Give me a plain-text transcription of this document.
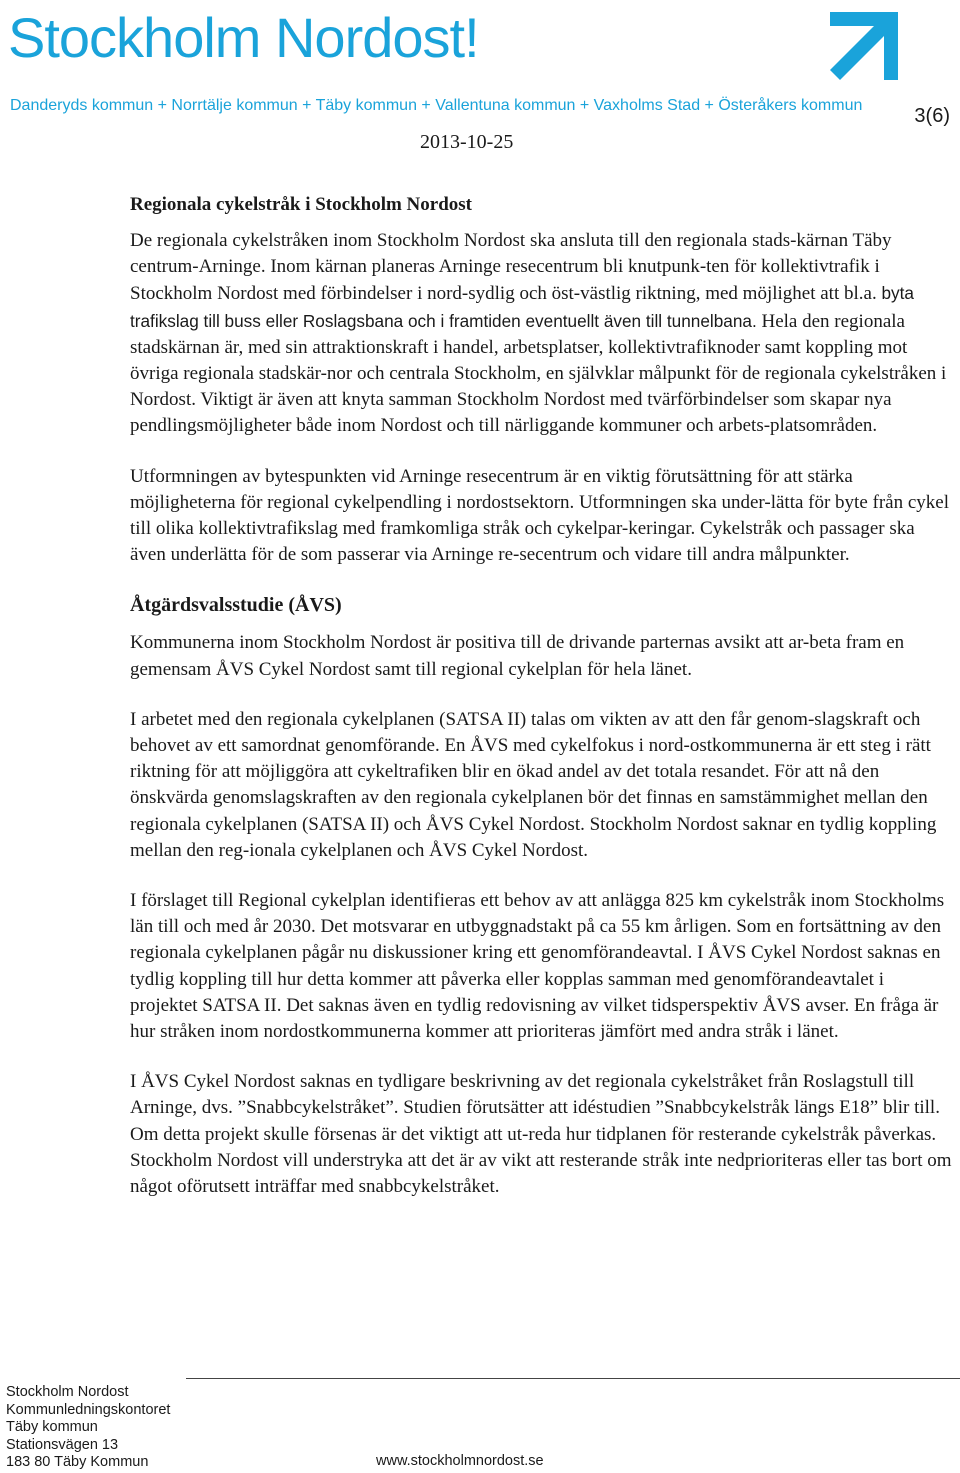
Stockholm Nordost!
Danderyds kommun + Norrtälje kommun + Täby kommun + Vallentuna kommun + Vaxholms Stad + Österåkers kommun	3(6)
2013-10-25
Regionala cykelstråk i Stockholm Nordost

De regionala cykelstråken inom Stockholm Nordost ska ansluta till den regionala stads-kärnan Täby centrum-Arninge. Inom kärnan planeras Arninge resecentrum bli knutpunk-ten för kollektivtrafik i Stockholm Nordost med förbindelser i nord-sydlig och öst-västlig riktning, med möjlighet att bl.a. byta trafikslag till buss eller Roslagsbana och i framtiden eventuellt även till tunnelbana. Hela den regionala stadskärnan är, med sin attraktionskraft i handel, arbetsplatser, kollektivtrafiknoder samt koppling mot övriga regionala stadskär-nor och centrala Stockholm, en självklar målpunkt för de regionala cykelstråken i Nordost. Viktigt är även att knyta samman Stockholm Nordost med tvärförbindelser som skapar nya pendlingsmöjligheter både inom Nordost och till närliggande kommuner och arbets-platsområden.

Utformningen av bytespunkten vid Arninge resecentrum är en viktig förutsättning för att stärka möjligheterna för regional cykelpendling i nordostsektorn. Utformningen ska under-lätta för byte från cykel till olika kollektivtrafikslag med framkomliga stråk och cykelpar-keringar. Cykelstråk och passager ska även underlätta för de som passerar via Arninge re-secentrum och vidare till andra målpunkter.

Åtgärdsvalsstudie (ÅVS)

Kommunerna inom Stockholm Nordost är positiva till de drivande parternas avsikt att ar-beta fram en gemensam ÅVS Cykel Nordost samt till regional cykelplan för hela länet.

I arbetet med den regionala cykelplanen (SATSA II) talas om vikten av att den får genom-slagskraft och behovet av ett samordnat genomförande. En ÅVS med cykelfokus i nord-ostkommunerna är ett steg i rätt riktning för att möjliggöra att cykeltrafiken blir en ökad andel av det totala resandet. För att nå den önskvärda genomslagskraften av den regionala cykelplanen bör det finnas en samstämmighet mellan den regionala cykelplanen (SATSA II) och ÅVS Cykel Nordost. Stockholm Nordost saknar en tydlig koppling mellan den reg-ionala cykelplanen och ÅVS Cykel Nordost.

I förslaget till Regional cykelplan identifieras ett behov av att anlägga 825 km cykelstråk inom Stockholms län till och med år 2030. Det motsvarar en utbyggnadstakt på ca 55 km årligen. Som en fortsättning av den regionala cykelplanen pågår nu diskussioner kring ett genomförandeavtal. I ÅVS Cykel Nordost saknas en tydlig koppling till hur detta kommer att påverka eller kopplas samman med genomförandeavtalet i projektet SATSA II. Det saknas även en tydlig redovisning av vilket tidsperspektiv ÅVS avser. En fråga är hur stråken inom nordostkommunerna kommer att prioriteras jämfört med andra stråk i länet.

I ÅVS Cykel Nordost saknas en tydligare beskrivning av det regionala cykelstråket från Roslagstull till Arninge, dvs. ”Snabbcykelstråket”. Studien förutsätter att idéstudien ”Snabbcykelstråk längs E18” blir till. Om detta projekt skulle försenas är det viktigt att ut-reda hur tidplanen för resterande cykelstråk påverkas. Stockholm Nordost vill understryka att det är av vikt att resterande stråk inte nedprioriteras eller tas bort om något oförutsett inträffar med snabbcykelstråket.

Stockholm Nordost
Kommunledningskontoret
Täby kommun
Stationsvägen 13
183 80 Täby Kommun	www.stockholmnordost.se
